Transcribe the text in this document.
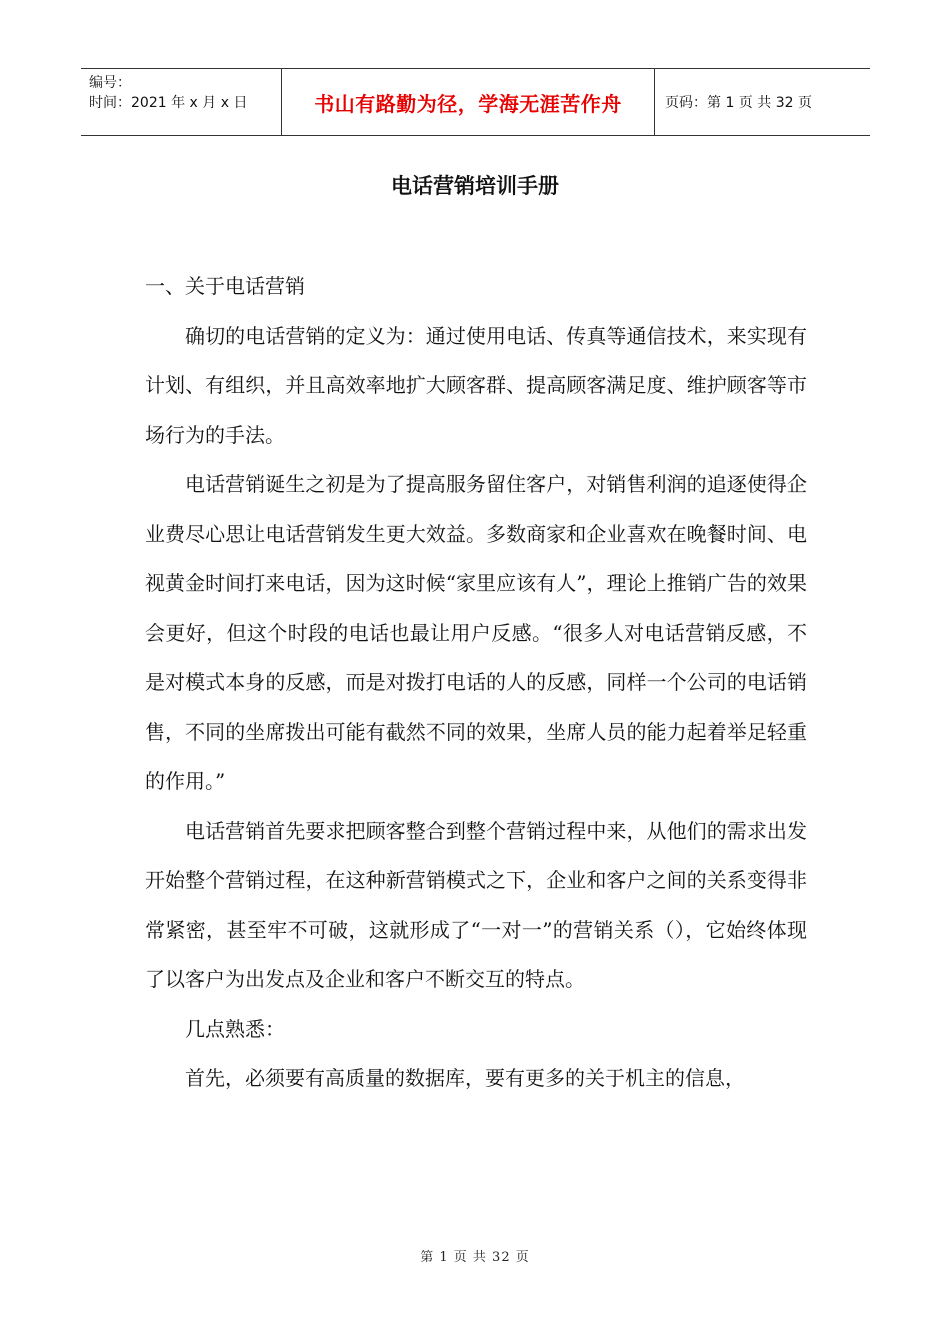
编号：
时间：2021 年 x 月 x 日	书山有路勤为径，学海无涯苦作舟	页码：第 1 页 共 32 页
电话营销培训手册

一、关于电话营销

确切的电话营销的定义为：通过使用电话、传真等通信技术，来实现有计划、有组织，并且高效率地扩大顾客群、提高顾客满足度、维护顾客等市场行为的手法。

电话营销诞生之初是为了提高服务留住客户，对销售利润的追逐使得企业费尽心思让电话营销发生更大效益。多数商家和企业喜欢在晚餐时间、电视黄金时间打来电话，因为这时候“家里应该有人”，理论上推销广告的效果会更好，但这个时段的电话也最让用户反感。“很多人对电话营销反感，不是对模式本身的反感，而是对拨打电话的人的反感，同样一个公司的电话销售，不同的坐席拨出可能有截然不同的效果，坐席人员的能力起着举足轻重的作用。”

电话营销首先要求把顾客整合到整个营销过程中来，从他们的需求出发开始整个营销过程，在这种新营销模式之下，企业和客户之间的关系变得非常紧密，甚至牢不可破，这就形成了“一对一”的营销关系（），它始终体现了以客户为出发点及企业和客户不断交互的特点。

几点熟悉：

首先，必须要有高质量的数据库，要有更多的关于机主的信息，

第 1 页 共 32 页
